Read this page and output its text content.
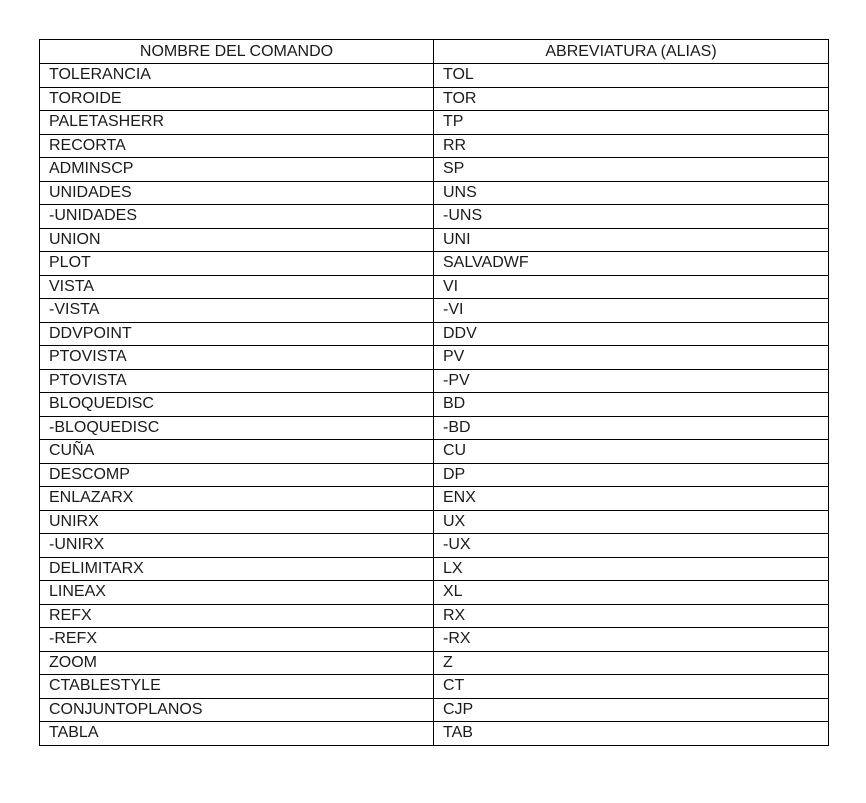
NOMBRE DEL COMANDO	ABREVIATURA (ALIAS)
TOLERANCIA	TOL
TOROIDE	TOR
PALETASHERR	TP
RECORTA	RR
ADMINSCP	SP
UNIDADES	UNS
-UNIDADES	-UNS
UNION	UNI
PLOT	SALVADWF
VISTA	VI
-VISTA	-VI
DDVPOINT	DDV
PTOVISTA	PV
PTOVISTA	-PV
BLOQUEDISC	BD
-BLOQUEDISC	-BD
CUÑA	CU
DESCOMP	DP
ENLAZARX	ENX
UNIRX	UX
-UNIRX	-UX
DELIMITARX	LX
LINEAX	XL
REFX	RX
-REFX	-RX
ZOOM	Z
CTABLESTYLE	CT
CONJUNTOPLANOS	CJP
TABLA	TAB
